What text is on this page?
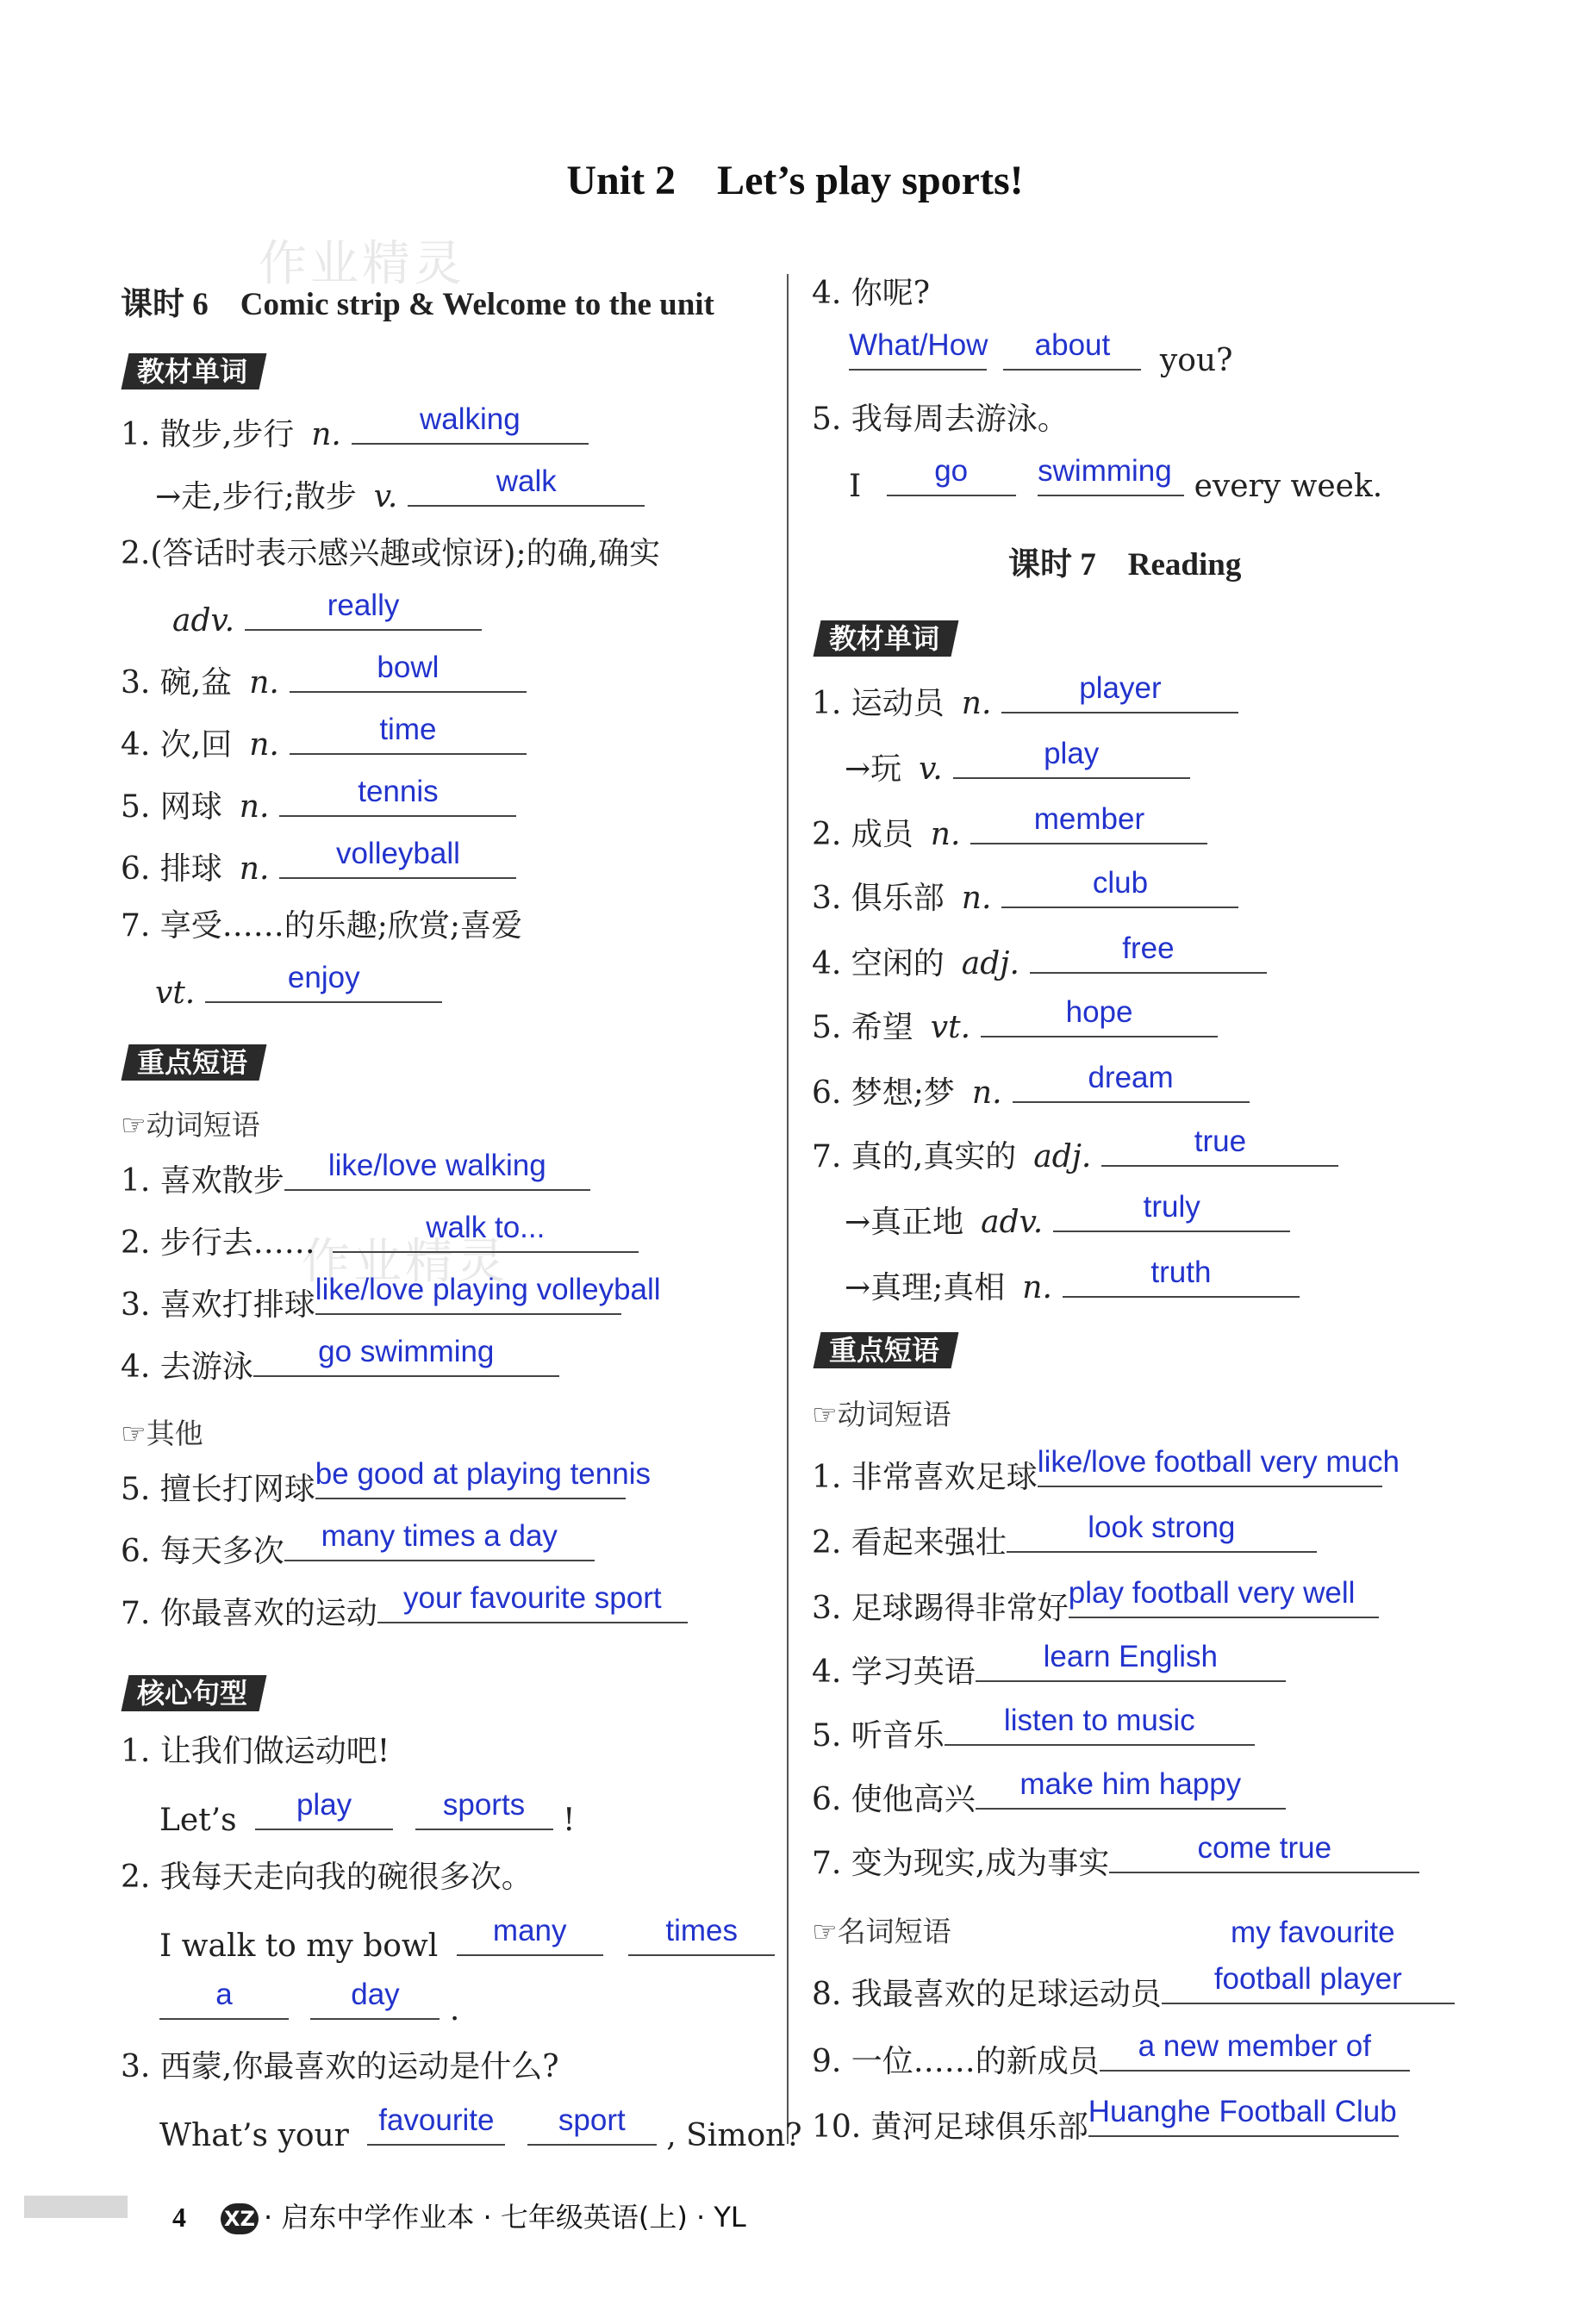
作业精灵
作业精灵
Unit 2　Let’s play sports!
课时 6　Comic strip & Welcome to the unit
教材单词
1. 散步,步行 n.	walking
→走,步行;散步 v.	walk
2.(答话时表示感兴趣或惊讶);的确,确实
adv.	really
3. 碗,盆 n.	bowl
4. 次,回 n.	time
5. 网球 n.	tennis
6. 排球 n.	volleyball
7. 享受……的乐趣;欣赏;喜爱
vt.	enjoy
重点短语
☞动词短语
1. 喜欢散步	like/love walking
2. 步行去……	walk to...
3. 喜欢打排球 like/love playing volleyball
4. 去游泳	go swimming
☞其他
5. 擅长打网球 be good at playing tennis
6. 每天多次	many times a day
7. 你最喜欢的运动 your favourite sport
核心句型
1. 让我们做运动吧!
Let’s	play
	sports	!
2. 我每天走向我的碗很多次。
I walk to my bowl	many
	times
a
	day	.
3. 西蒙,你最喜欢的运动是什么?
What’s your favourite
	sport	, Simon?
4. 你呢?
What/How
	about	you?
5. 我每周去游泳。
I	go
	swimming every week.
课时 7　Reading
教材单词
1. 运动员 n.	player
→玩 v.	play
2. 成员 n.	member
3. 俱乐部 n.	club
4. 空闲的 adj.	free
5. 希望 vt.	hope
6. 梦想;梦 n.	dream
7. 真的,真实的 adj.	true
→真正地 adv.	truly
→真理;真相 n.	truth
重点短语
☞动词短语
1. 非常喜欢足球 like/love football very much
2. 看起来强壮	look strong
3. 足球踢得非常好 play football very well
4. 学习英语	learn English
5. 听音乐	listen to music
6. 使他高兴	make him happy
7. 变为现实,成为事实	come true
☞名词短语	my favourite
8. 我最喜欢的足球运动员	football player
9. 一位……的新成员	a new member of
10. 黄河足球俱乐部 Huanghe Football Club
4 XZ · 启东中学作业本 · 七年级英语(上) · YL
